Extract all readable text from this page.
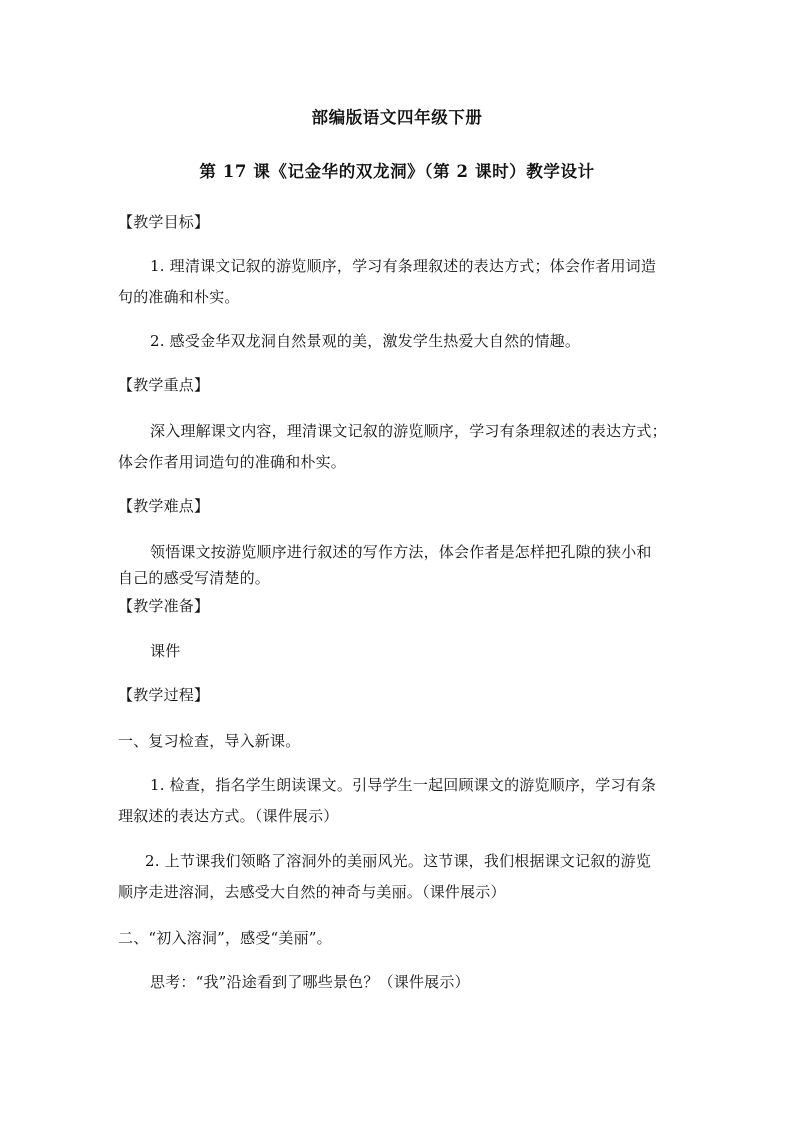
部编版语文四年级下册
第 17 课《记金华的双龙洞》（第 2 课时）教学设计
【教学目标】
1. 理清课文记叙的游览顺序，学习有条理叙述的表达方式；体会作者用词造
句的准确和朴实。
2. 感受金华双龙洞自然景观的美，激发学生热爱大自然的情趣。
【教学重点】
深入理解课文内容，理清课文记叙的游览顺序，学习有条理叙述的表达方式；
体会作者用词造句的准确和朴实。
【教学难点】
领悟课文按游览顺序进行叙述的写作方法，体会作者是怎样把孔隙的狭小和
自己的感受写清楚的。
【教学准备】
课件
【教学过程】
一、复习检查，导入新课。
1. 检查，指名学生朗读课文。引导学生一起回顾课文的游览顺序，学习有条
理叙述的表达方式。（课件展示）
2. 上节课我们领略了溶洞外的美丽风光。这节课，我们根据课文记叙的游览
顺序走进溶洞，去感受大自然的神奇与美丽。（课件展示）
二、“初入溶洞”，感受“美丽”。
思考：“我”沿途看到了哪些景色？（课件展示）
